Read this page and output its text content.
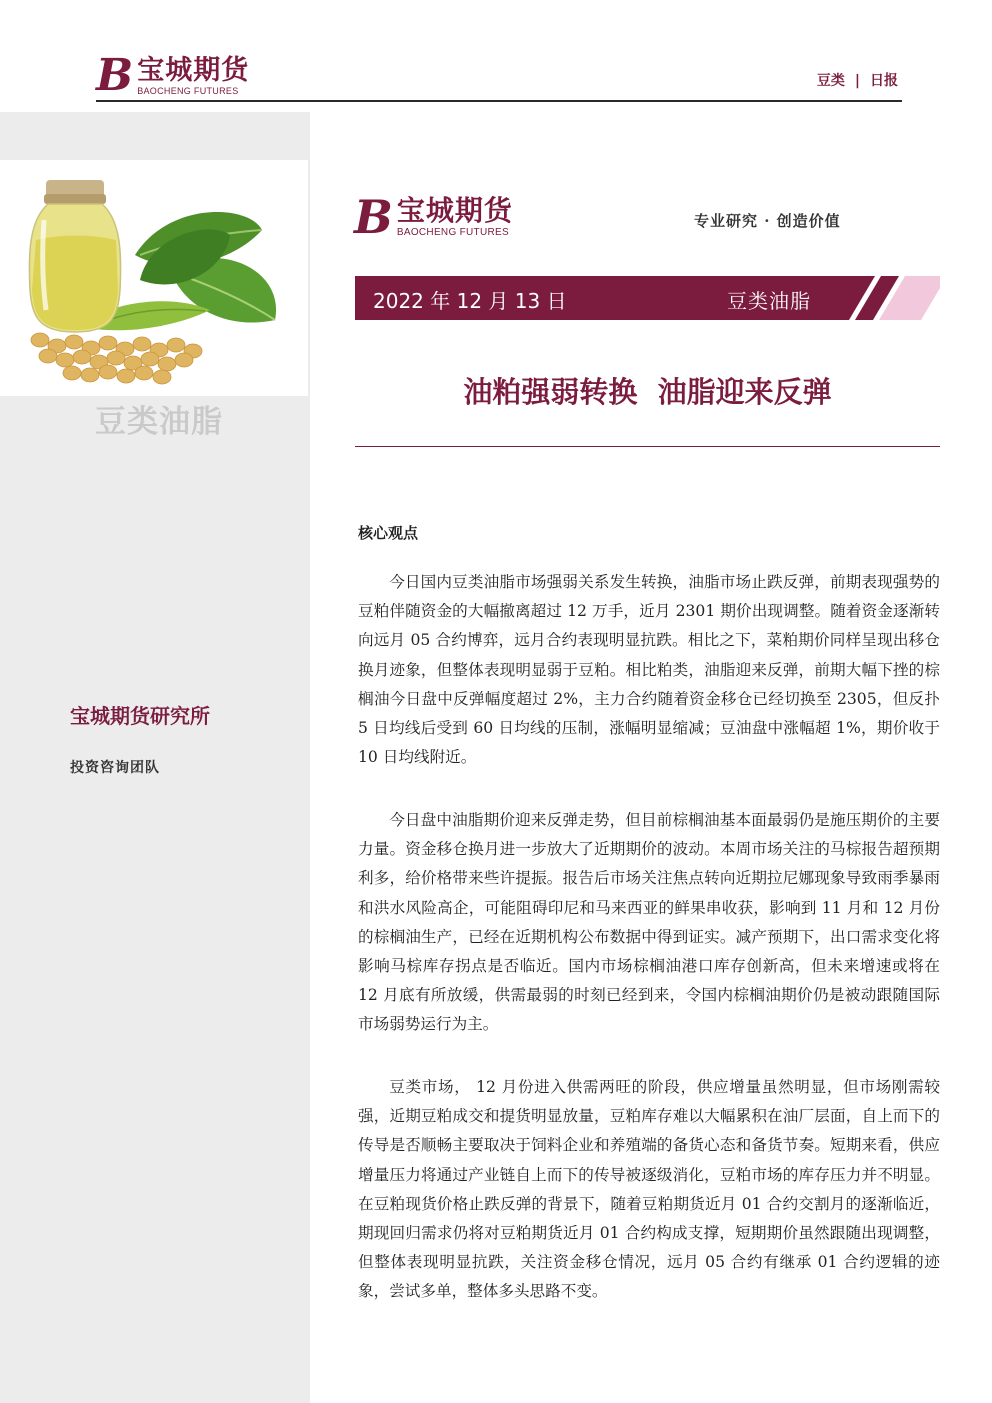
B 宝城期货
BAOCHENG FUTURES
豆类 | 日报
豆类油脂
宝城期货研究所
投资咨询团队
B 宝城期货
BAOCHENG FUTURES
专业研究 · 创造价值
2022 年 12 月 13 日	豆类油脂
油粕强弱转换  油脂迎来反弹
核心观点

今日国内豆类油脂市场强弱关系发生转换，油脂市场止跌反弹，前期表现强势的豆粕伴随资金的大幅撤离超过 12 万手，近月 2301 期价出现调整。随着资金逐渐转向远月 05 合约博弈，远月合约表现明显抗跌。相比之下，菜粕期价同样呈现出移仓换月迹象，但整体表现明显弱于豆粕。相比粕类，油脂迎来反弹，前期大幅下挫的棕榈油今日盘中反弹幅度超过 2%，主力合约随着资金移仓已经切换至 2305，但反扑 5 日均线后受到 60 日均线的压制，涨幅明显缩减；豆油盘中涨幅超 1%，期价收于 10 日均线附近。

今日盘中油脂期价迎来反弹走势，但目前棕榈油基本面最弱仍是施压期价的主要力量。资金移仓换月进一步放大了近期期价的波动。本周市场关注的马棕报告超预期利多，给价格带来些许提振。报告后市场关注焦点转向近期拉尼娜现象导致雨季暴雨和洪水风险高企，可能阻碍印尼和马来西亚的鲜果串收获，影响到 11 月和 12 月份的棕榈油生产，已经在近期机构公布数据中得到证实。减产预期下，出口需求变化将影响马棕库存拐点是否临近。国内市场棕榈油港口库存创新高，但未来增速或将在 12 月底有所放缓，供需最弱的时刻已经到来，令国内棕榈油期价仍是被动跟随国际市场弱势运行为主。

豆类市场， 12 月份进入供需两旺的阶段，供应增量虽然明显，但市场刚需较强，近期豆粕成交和提货明显放量，豆粕库存难以大幅累积在油厂层面，自上而下的传导是否顺畅主要取决于饲料企业和养殖端的备货心态和备货节奏。短期来看，供应增量压力将通过产业链自上而下的传导被逐级消化，豆粕市场的库存压力并不明显。在豆粕现货价格止跌反弹的背景下，随着豆粕期货近月 01 合约交割月的逐渐临近，期现回归需求仍将对豆粕期货近月 01 合约构成支撑，短期期价虽然跟随出现调整，但整体表现明显抗跌，关注资金移仓情况，远月 05 合约有继承 01 合约逻辑的迹象，尝试多单，整体多头思路不变。
